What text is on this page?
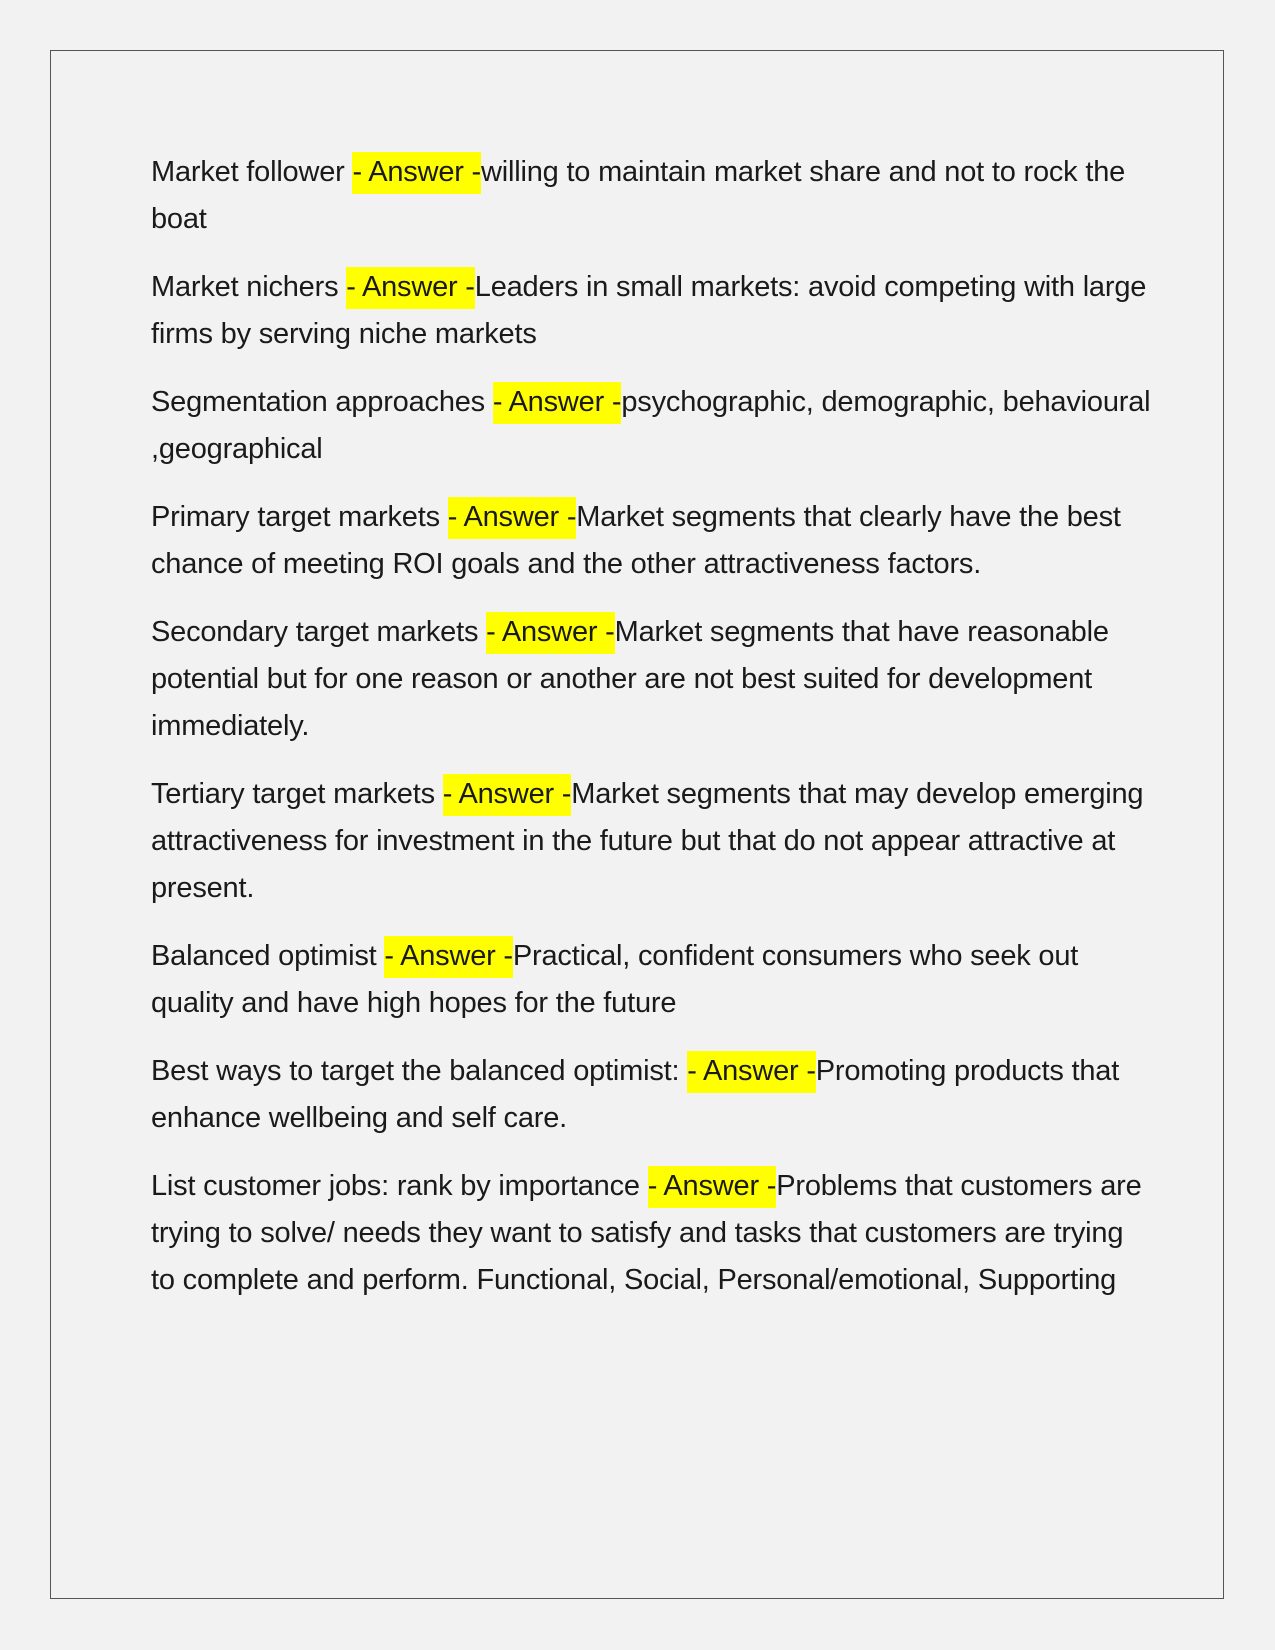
Market follower - Answer -willing to maintain market share and not to rock the boat

Market nichers - Answer -Leaders in small markets: avoid competing with large firms by serving niche markets

Segmentation approaches - Answer -psychographic, demographic, behavioural ,geographical

Primary target markets - Answer -Market segments that clearly have the best chance of meeting ROI goals and the other attractiveness factors.

Secondary target markets - Answer -Market segments that have reasonable potential but for one reason or another are not best suited for development immediately.

Tertiary target markets - Answer -Market segments that may develop emerging attractiveness for investment in the future but that do not appear attractive at present.

Balanced optimist - Answer -Practical, confident consumers who seek out quality and have high hopes for the future

Best ways to target the balanced optimist: - Answer -Promoting products that enhance wellbeing and self care.

List customer jobs: rank by importance - Answer -Problems that customers are trying to solve/ needs they want to satisfy and tasks that customers are trying to complete and perform. Functional, Social, Personal/emotional, Supporting
